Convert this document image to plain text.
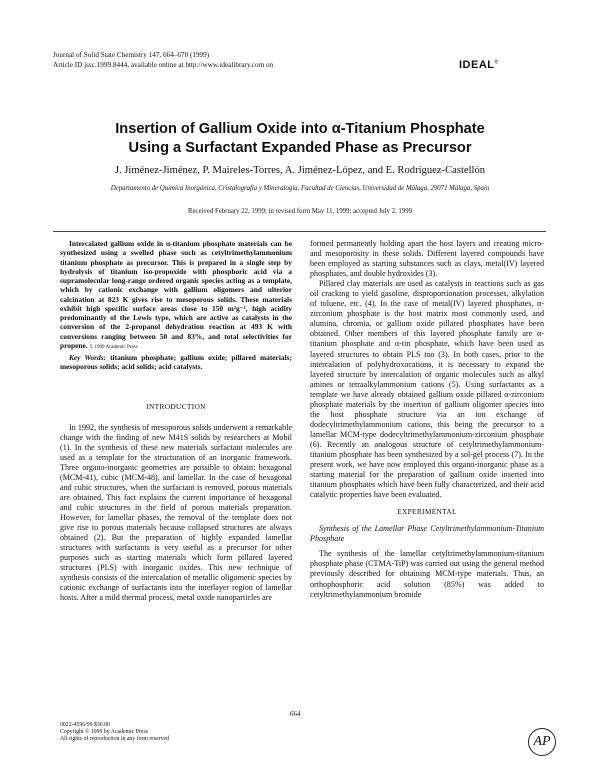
Journal of Solid State Chemistry 147, 664–670 (1999)
Article ID jssc.1999.8444, available online at http://www.idealibrary.com on	IDEAL®
Insertion of Gallium Oxide into α-Titanium Phosphate
Using a Surfactant Expanded Phase as Precursor
J. Jiménez-Jiménez, P. Maireles-Torres, A. Jiménez-López, and E. Rodríguez-Castellón
Departamento de Química Inorgánica, Cristalografía y Mineralogía, Facultad de Ciencias, Universidad de Málaga, 29071 Málaga, Spain
Received February 22, 1999; in revised form May 11, 1999; accepted July 2, 1999

Intercalated gallium oxide in α-titanium phosphate materials can be synthesized using a swelled phase such as cetyltrimethylammonium titanium phosphate as precursor. This is prepared in a single step by hydrolysis of titanium iso-propoxide with phosphoric acid via a supramolecular long-range ordered organic species acting as a template, which by cationic exchange with gallium oligomers and ulterior calcination at 823 K gives rise to mesoporous solids. These materials exhibit high specific surface areas close to 150 m²g⁻¹, high acidity predominantly of the Lewis type, which are active as catalysts in the conversion of the 2-propanol dehydration reaction at 493 K with conversions ranging between 50 and 83%, and total selectivities for propene. © 1999 Academic Press

Key Words: titanium phosphate; gallium oxide; pillared materials; mesoporous solids; acid solids; acid catalysts.

INTRODUCTION

In 1992, the synthesis of mesoporous solids underwent a remarkable change with the finding of new M41S solids by researchers at Mobil (1). In the synthesis of these new materials surfactant molecules are used as a template for the structuration of an inorganic framework. Three organo-inorganic geometries are possible to obtain: hexagonal (MCM-41), cubic (MCM-48), and lamellar. In the case of hexagonal and cubic structures, when the surfactant is removed, porous materials are obtained. This fact explains the current importance of hexagonal and cubic structures in the field of porous materials preparation. However, for lamellar phases, the removal of the template does not give rise to porous materials because collapsed structures are always obtained (2). But the preparation of highly expanded lamellar structures with surfactants is very useful as a precursor for other purposes such as starting materials which form pillared layered structures (PLS) with inorganic oxides. This new technique of synthesis consists of the intercalation of metallic oligomeric species by cationic exchange of surfactants into the interlayer region of lamellar hosts. After a mild thermal process, metal oxide nanoparticles are

formed permanently holding apart the host layers and creating micro- and mesoporosity in these solids. Different layered compounds have been employed as starting substances such as clays, metal(IV) layered phosphates, and double hydroxides (3).

Pillared clay materials are used as catalysts in reactions such as gas oil cracking to yield gasoline, disproportionation processes, alkylation of toluene, etc. (4). In the case of metal(IV) layered phosphates, α-zirconium phosphate is the host matrix most commonly used, and alumina, chromia, or gallium oxide pillared phosphates have been obtained. Other members of this layered phosphate family are α-titanium phosphate and α-tin phosphate, which have been used as layered structures to obtain PLS too (3). In both cases, prior to the intercalation of polyhydroxocations, it is necessary to expand the layered structure by intercalation of organic molecules such as alkyl amines or tetraalkylammonium cations (5). Using surfactants as a template we have already obtained gallium oxide pillared α-zirconium phosphate materials by the insertion of gallium oligomer species into the host phosphate structure via an ion exchange of dodecyltrimethylammonium cations, this being the precursor to a lamellar MCM-type dodecyltrimethylammonium-zirconium phosphate (6). Recently an analogous structure of cetyltrimethylammonium-titanium phosphate has been synthesized by a sol-gel process (7). In the present work, we have now employed this organo-inorganic phase as a starting material for the preparation of gallium oxide inserted into titanium phosphates which have been fully characterized, and their acid catalytic properties have been evaluated.

EXPERIMENTAL

Synthesis of the Lamellar Phase Cetyltrimethylammonium-Titanium Phosphate

The synthesis of the lamellar cetyltrimethylammonium-titanium phosphate phase (CTMA-TiP) was carried out using the general method previously described for obtaining MCM-type materials. Thus, an orthophosphoric acid solution (85%) was added to cetyltrimethylammonium bromide

664
0022-4596/99 $30.00
Copyright © 1999 by Academic Press
All rights of reproduction in any form reserved	AP
